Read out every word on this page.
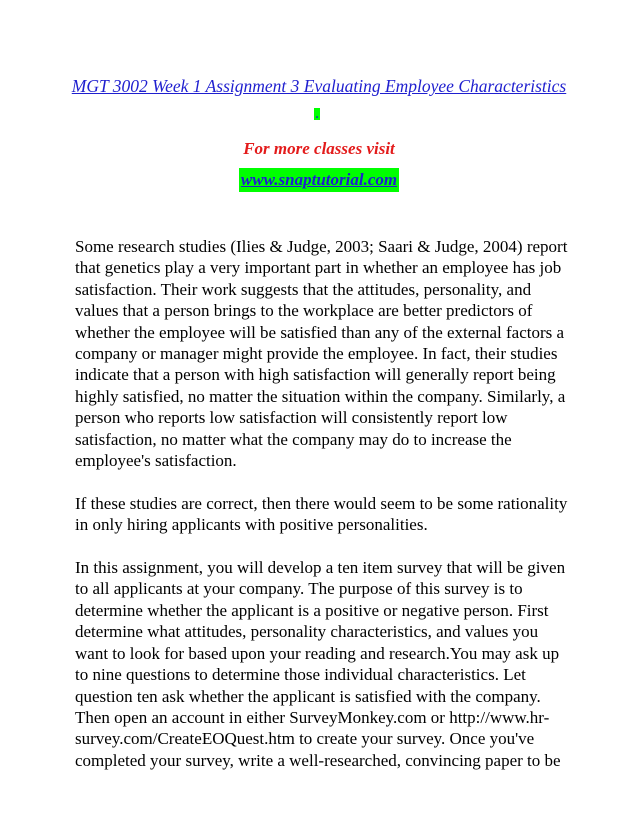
MGT 3002 Week 1 Assignment 3 Evaluating Employee Characteristics
.
For more classes visit
www.snaptutorial.com

Some research studies (Ilies & Judge, 2003; Saari & Judge, 2004) report that genetics play a very important part in whether an employee has job satisfaction. Their work suggests that the attitudes, personality, and values that a person brings to the workplace are better predictors of whether the employee will be satisfied than any of the external factors a company or manager might provide the employee. In fact, their studies indicate that a person with high satisfaction will generally report being highly satisfied, no matter the situation within the company. Similarly, a person who reports low satisfaction will consistently report low satisfaction, no matter what the company may do to increase the employee's satisfaction.

If these studies are correct, then there would seem to be some rationality in only hiring applicants with positive personalities.

In this assignment, you will develop a ten item survey that will be given to all applicants at your company. The purpose of this survey is to determine whether the applicant is a positive or negative person. First determine what attitudes, personality characteristics, and values you want to look for based upon your reading and research.You may ask up to nine questions to determine those individual characteristics. Let question ten ask whether the applicant is satisfied with the company. Then open an account in either SurveyMonkey.com or http://www.hr-survey.com/CreateEOQuest.htm to create your survey. Once you've completed your survey, write a well-researched, convincing paper to be
